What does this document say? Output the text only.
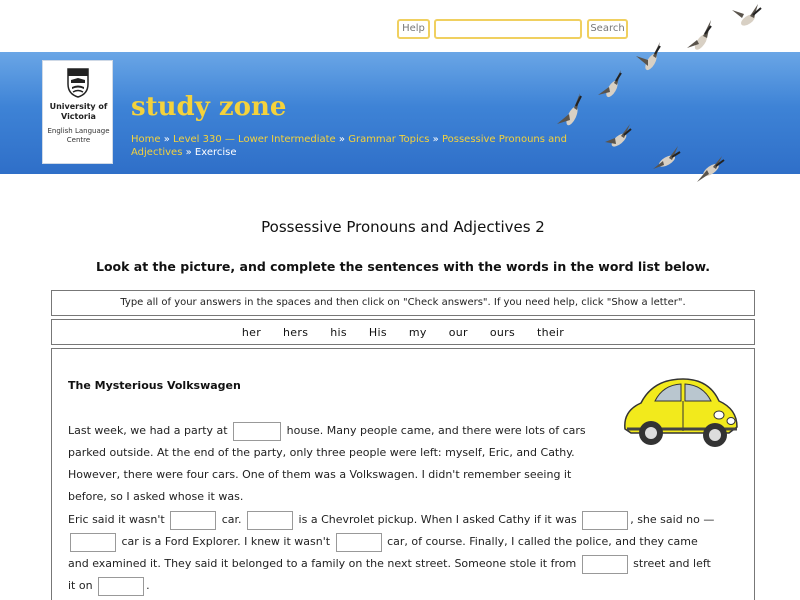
Help	Search
University of Victoria
English Language Centre
study zone
Home » Level 330 — Lower Intermediate » Grammar Topics » Possessive Pronouns and Adjectives » Exercise
Possessive Pronouns and Adjectives 2
Look at the picture, and complete the sentences with the words in the word list below.
Type all of your answers in the spaces and then click on "Check answers". If you need help, click "Show a letter".
her hers his His my our ours their
The Mysterious Volkswagen
Last week, we had a party at	house. Many people came, and there were lots of cars parked outside. At the end of the party, only three people were left: myself, Eric, and Cathy. However, there were four cars. One of them was a Volkswagen. I didn't remember seeing it before, so I asked whose it was.
Eric said it wasn't	car.	is a Chevrolet pickup. When I asked Cathy if it was	, she said no —  car is a Ford Explorer. I knew it wasn't	car, of course. Finally, I called the police, and they came and examined it. They said it belonged to a family on the next street. Someone stole it from	street and left it on	.
